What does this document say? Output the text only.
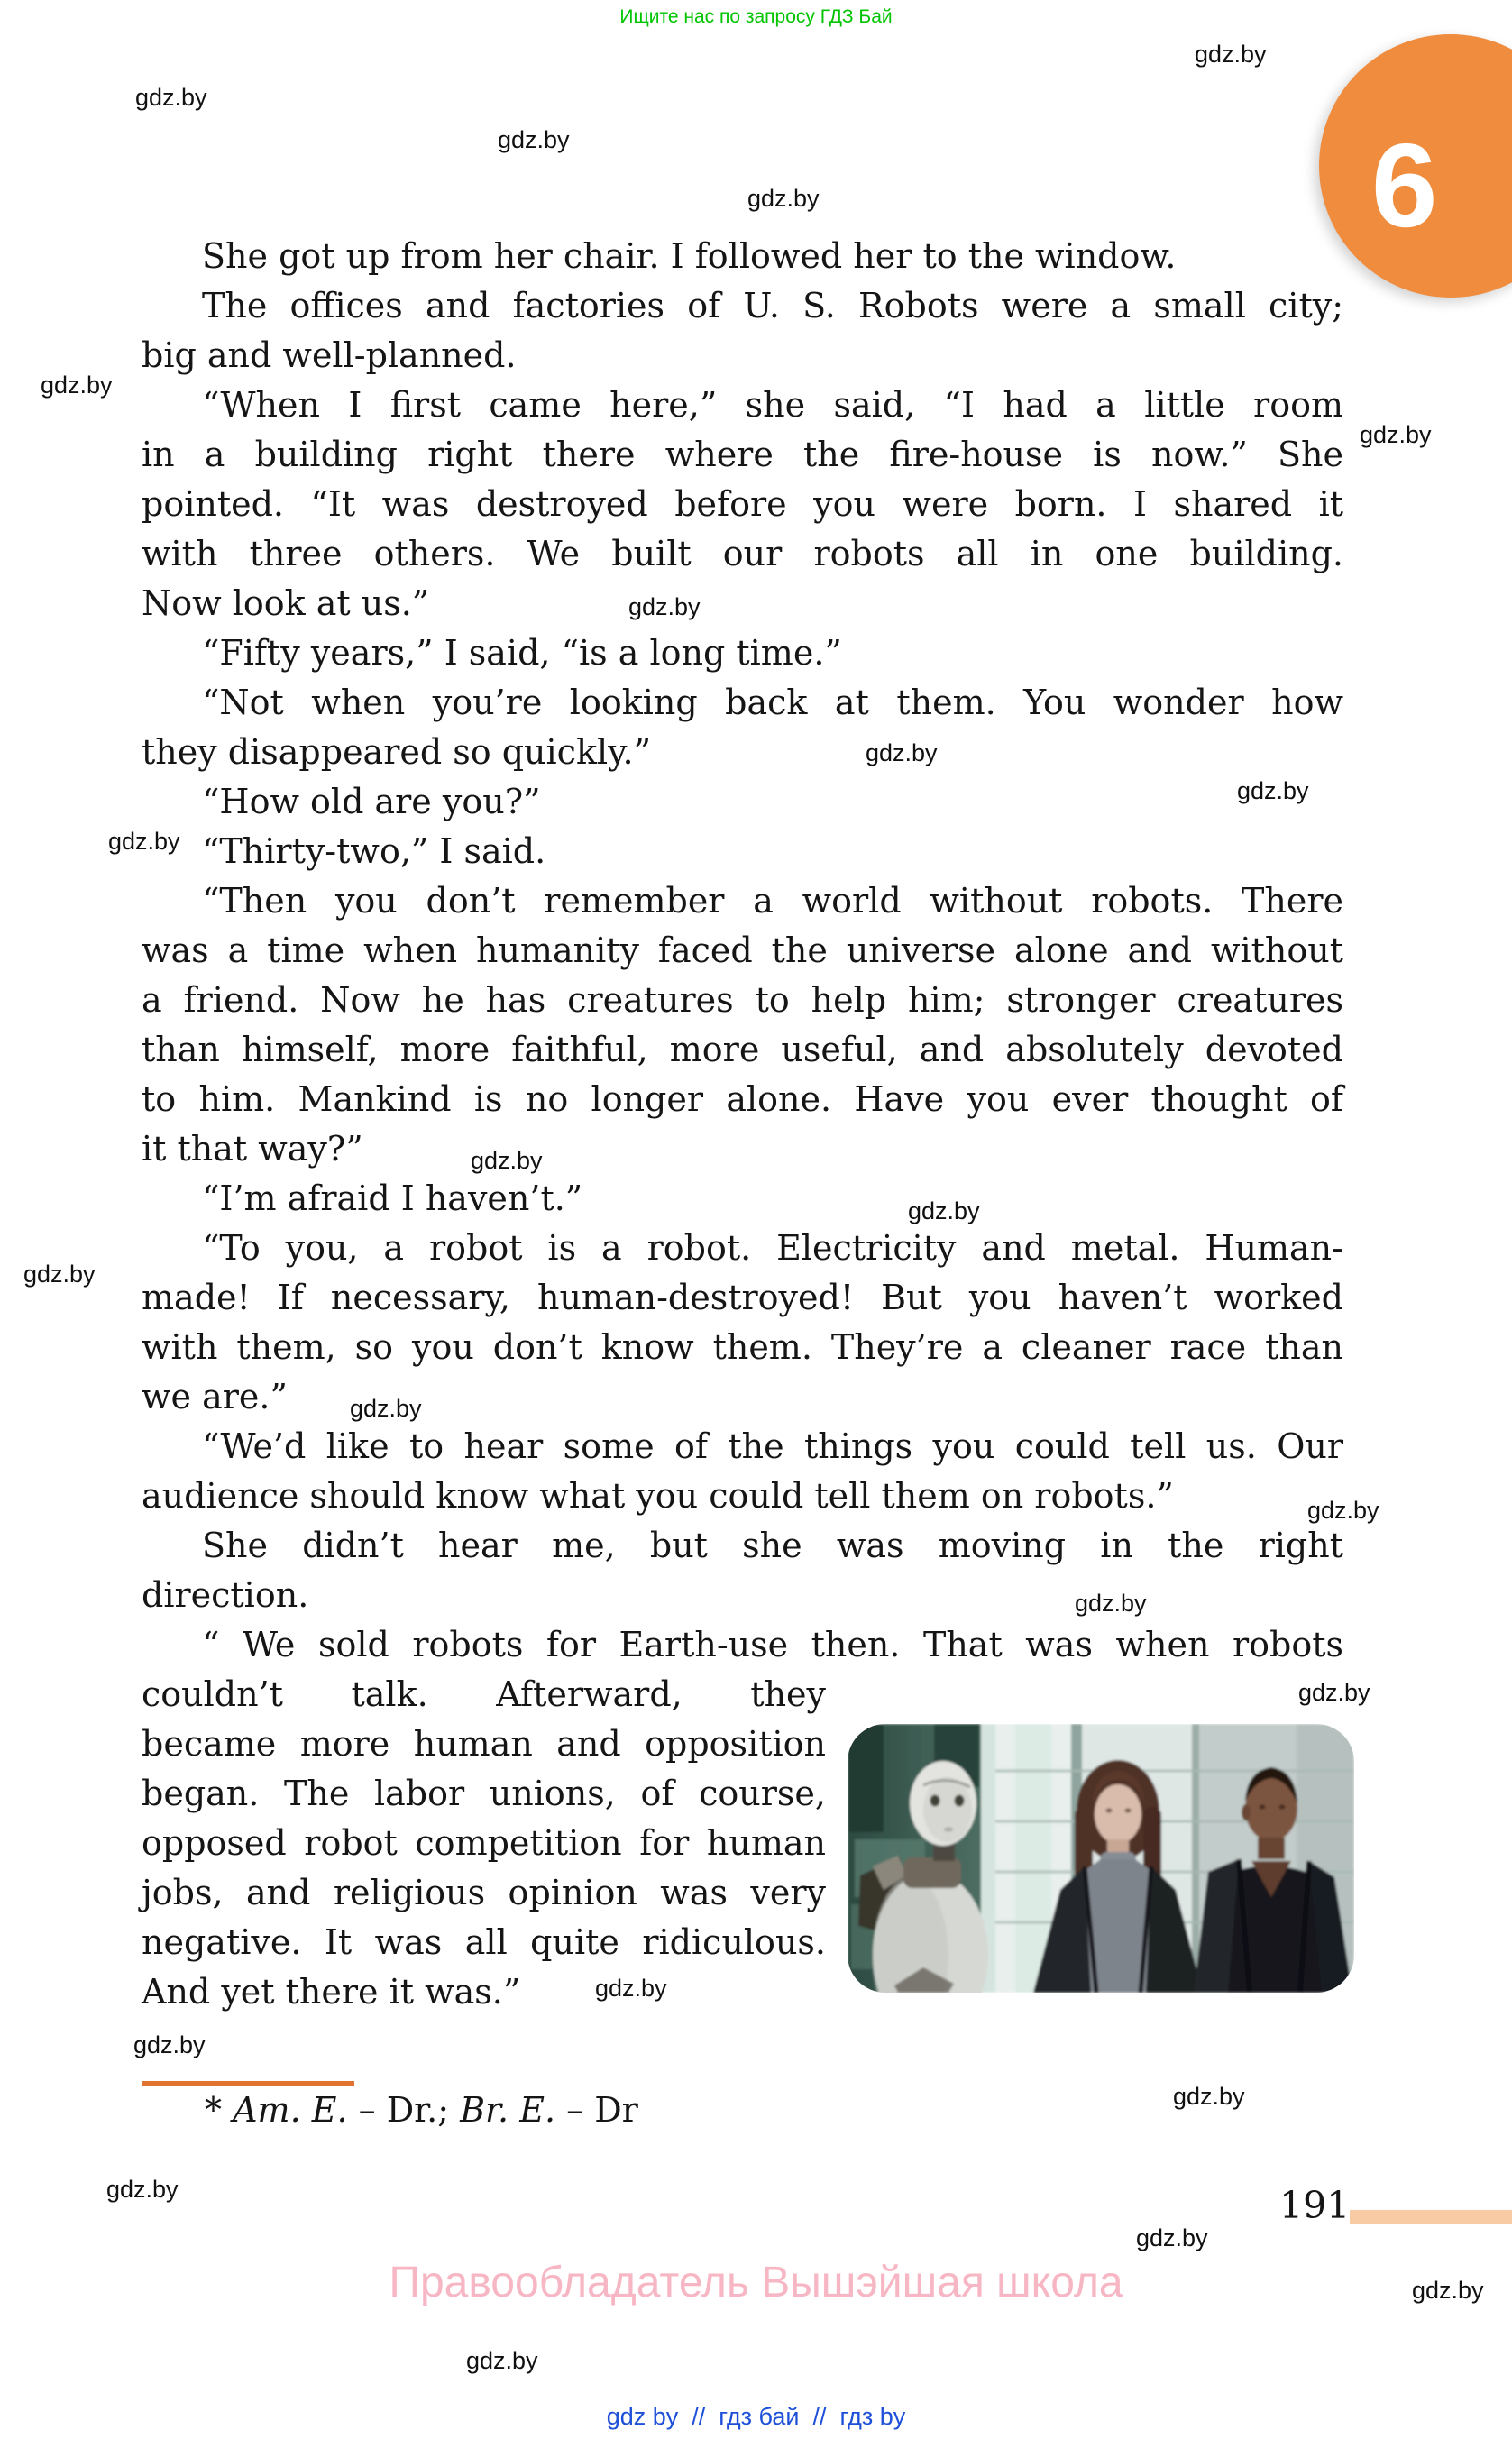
Ищите нас по запросу ГДЗ Бай
6
gdz.by
gdz.by
gdz.by
gdz.by
gdz.by
gdz.by
gdz.by
gdz.by
gdz.by
gdz.by
gdz.by
gdz.by
gdz.by
gdz.by
gdz.by
gdz.by
gdz.by
gdz.by
gdz.by
gdz.by
gdz.by
gdz.by
gdz.by
gdz.by
She got up from her chair. I followed her to the window.
The offices and factories of U. S. Robots were a small city;
big and well-planned.
“When I first came here,” she said, “I had a little room
in a building right there where the fire-house is now.” She
pointed. “It was destroyed before you were born. I shared it
with three others. We built our robots all in one building.
Now look at us.”
“Fifty years,” I said, “is a long time.”
“Not when you’re looking back at them. You wonder how
they disappeared so quickly.”
“How old are you?”
“Thirty-two,” I said.
“Then you don’t remember a world without robots. There
was a time when humanity faced the universe alone and without
a friend. Now he has creatures to help him; stronger creatures
than himself, more faithful, more useful, and absolutely devoted
to him. Mankind is no longer alone. Have you ever thought of
it that way?”
“I’m afraid I haven’t.”
“To you, a robot is a robot. Electricity and metal. Human-
made! If necessary, human-destroyed! But you haven’t worked
with them, so you don’t know them. They’re a cleaner race than
we are.”
“We’d like to hear some of the things you could tell us. Our
audience should know what you could tell them on robots.”
She didn’t hear me, but she was moving in the right
direction.
“ We sold robots for Earth-use then. That was when robots
couldn’t talk. Afterward, they
became more human and opposition
began. The labor unions, of course,
opposed robot competition for human
jobs, and religious opinion was very
negative. It was all quite ridiculous.
And yet there it was.”
* Am. E. – Dr.; Br. E. – Dr
191
Правообладатель Вышэйшая школа
gdz by  //  гдз бай  //  гдз by
